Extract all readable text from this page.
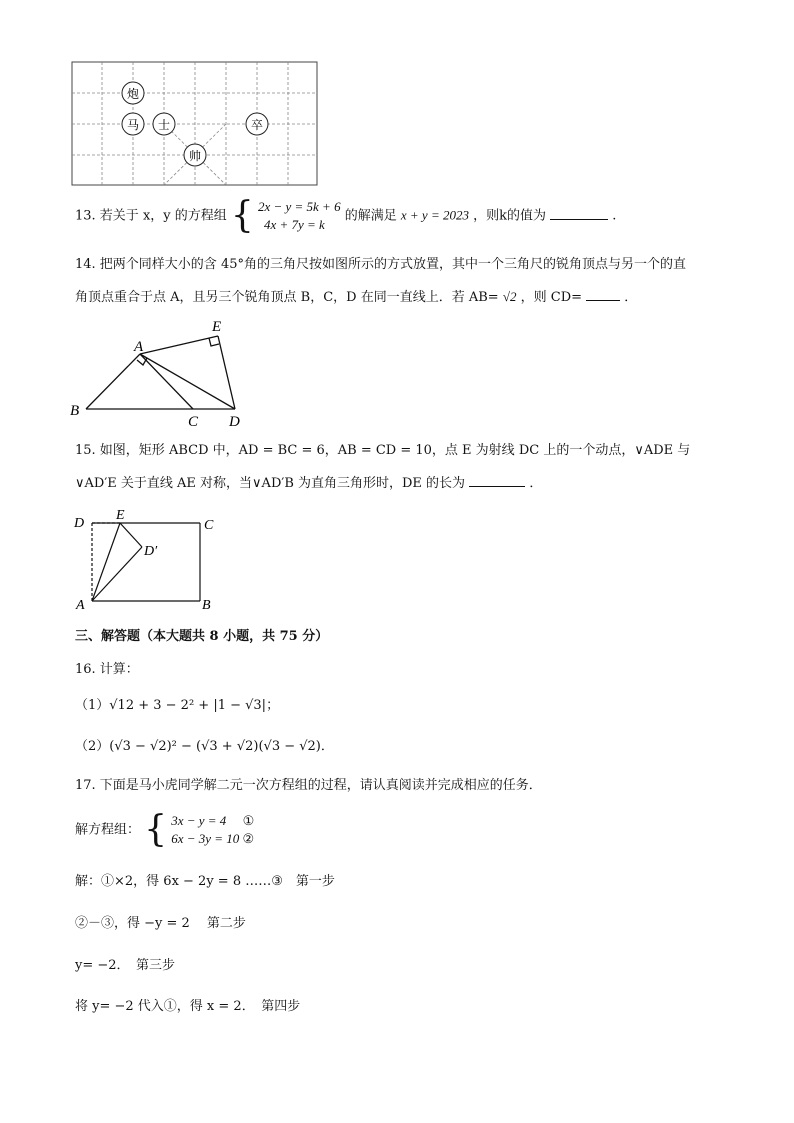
炮
马 士
帅
卒
13. 若关于 x，y 的方程组 { 2x − y = 5k + 6
4x + 7y = k
的解满足 x + y = 2023 ，则k的值为	.
14. 把两个同样大小的含 45°角的三角尺按如图所示的方式放置，其中一个三角尺的锐角顶点与另一个的直
角顶点重合于点 A，且另三个锐角顶点 B，C，D 在同一直线上．若 AB= √2 ，则 CD=	．
A
B
C D
E
15. 如图，矩形 ABCD 中，AD = BC = 6，AB = CD = 10，点 E 为射线 DC 上的一个动点，∨ADE 与
∨AD′E 关于直线 AE 对称，当∨AD′B 为直角三角形时，DE 的长为	．
D
E
C
D′
A	B
三、解答题（本大题共 8 小题，共 75 分）
16. 计算：
（1）√12 + 3 − 2² + |1 − √3|；
（2）(√3 − √2)² − (√3 + √2)(√3 − √2)．
17. 下面是马小虎同学解二元一次方程组的过程，请认真阅读并完成相应的任务．
解方程组： { 3x − y = 4　 ①
6x − 3y = 10 ②
解：①×2，得 6x − 2y = 8 ……③　第一步
②－③，得 −y = 2　 第二步
y= −2．　第三步
将 y= −2 代入①，得 x = 2．　第四步
